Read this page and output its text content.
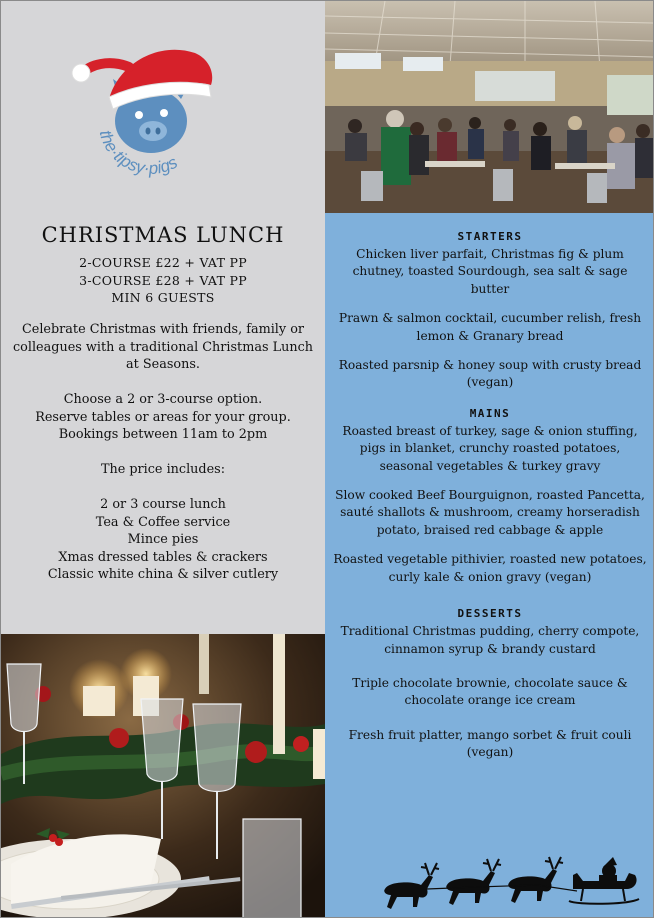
the·tipsy·pigs
CHRISTMAS LUNCH
2-COURSE £22 + VAT PP
3-COURSE £28 + VAT PP
MIN 6 GUESTS

Celebrate Christmas with friends, family or colleagues with a traditional Christmas Lunch at Seasons.

Choose a 2 or 3-course option.
Reserve tables or areas for your group.

Bookings between 11am to 2pm

The price includes:

2 or 3 course lunch
Tea & Coffee service
Mince pies
Xmas dressed tables & crackers
Classic white china & silver cutlery
STARTERS
Chicken liver parfait, Christmas fig & plum chutney, toasted Sourdough, sea salt & sage butter
Prawn & salmon cocktail, cucumber relish, fresh lemon & Granary bread
Roasted parsnip & honey soup with crusty bread (vegan)
MAINS
Roasted breast of turkey, sage & onion stuffing, pigs in blanket, crunchy roasted potatoes, seasonal vegetables & turkey gravy
Slow cooked Beef Bourguignon, roasted Pancetta, sauté shallots & mushroom, creamy horseradish potato, braised red cabbage & apple
Roasted vegetable pithivier, roasted new potatoes, curly kale & onion gravy (vegan)
DESSERTS
Traditional Christmas pudding, cherry compote, cinnamon syrup & brandy custard
Triple chocolate brownie, chocolate sauce & chocolate orange ice cream
Fresh fruit platter, mango sorbet & fruit couli (vegan)
